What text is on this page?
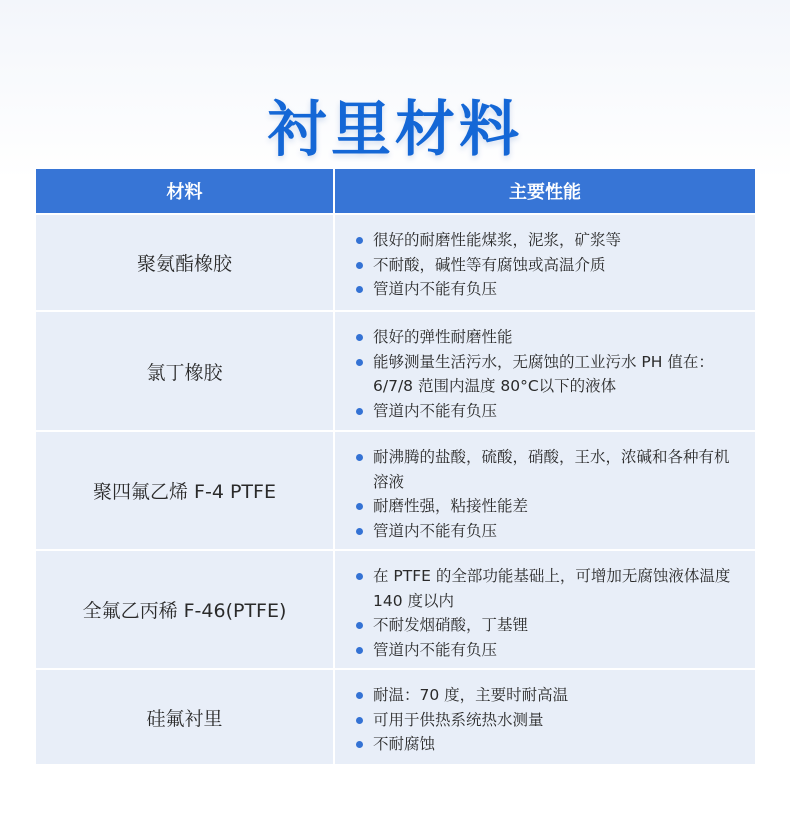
衬里材料
材料	主要性能
聚氨酯橡胶
很好的耐磨性能煤浆，泥浆，矿浆等
不耐酸，碱性等有腐蚀或高温介质
管道内不能有负压
氯丁橡胶
很好的弹性耐磨性能
能够测量生活污水，无腐蚀的工业污水 PH 值在：6/7/8 范围内温度 80°C以下的液体
管道内不能有负压
聚四氟乙烯 F-4 PTFE
耐沸腾的盐酸，硫酸，硝酸，王水，浓碱和各种有机溶液
耐磨性强，粘接性能差
管道内不能有负压
全氟乙丙稀 F-46(PTFE)
在 PTFE 的全部功能基础上，可增加无腐蚀液体温度 140 度以内
不耐发烟硝酸，丁基锂
管道内不能有负压
硅氟衬里
耐温：70 度，主要时耐高温
可用于供热系统热水测量
不耐腐蚀
